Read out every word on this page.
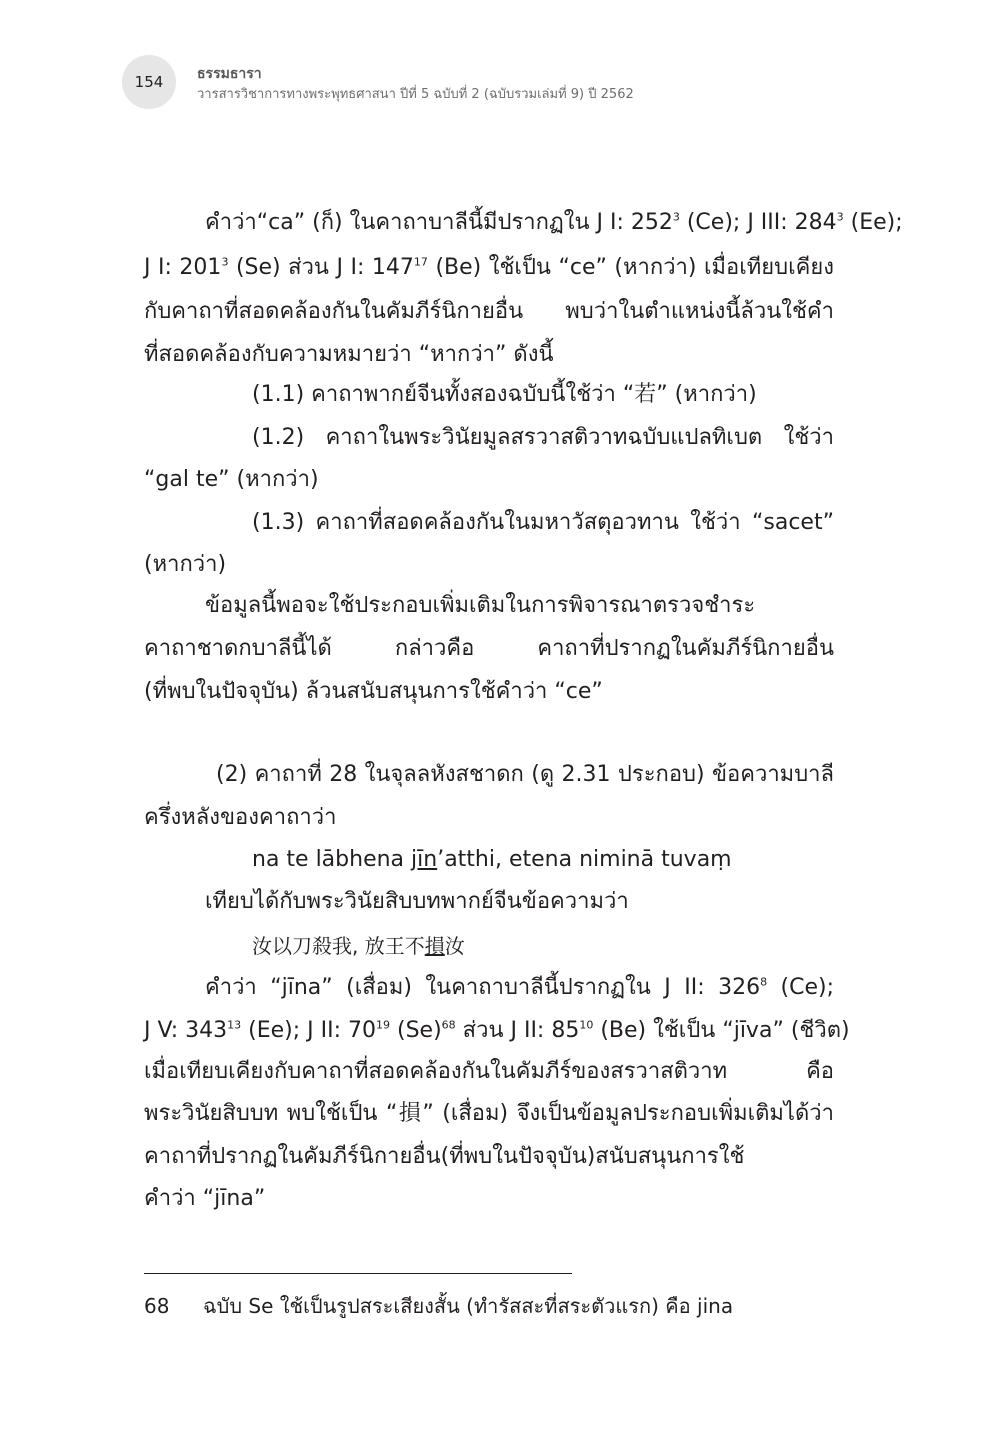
154 ธรรมธารา
วารสารวิชาการทางพระพุทธศาสนา ปีที่ 5 ฉบับที่ 2 (ฉบับรวมเล่มที่ 9) ปี 2562
คำว่า“ca” (ก็) ในคาถาบาลีนี้มีปรากฏใน J I: $252^3$ (Ce); J III: $284^3$ (Ee);
J I: $201^3$ (Se) ส่วน J I: $147^{17}$ (Be) ใช้เป็น “ce” (หากว่า) เมื่อเทียบเคียง
กับคาถาที่สอดคล้องกันในคัมภีร์นิกายอื่น พบว่าในตำแหน่งนี้ล้วนใช้คำ
ที่สอดคล้องกับความหมายว่า “หากว่า” ดังนี้
(1.1) คาถาพากย์จีนทั้งสองฉบับนี้ใช้ว่า “若” (หากว่า)
(1.2) คาถาในพระวินัยมูลสรวาสติวาทฉบับแปลทิเบต ใช้ว่า
“gal te” (หากว่า)
(1.3) คาถาที่สอดคล้องกันในมหาวัสตุอวทาน ใช้ว่า “sacet”
(หากว่า)
ข้อมูลนี้พอจะใช้ประกอบเพิ่มเติมในการพิจารณาตรวจชำระ
คาถาชาดกบาลีนี้ได้ กล่าวคือ คาถาที่ปรากฏในคัมภีร์นิกายอื่น
(ที่พบในปัจจุบัน) ล้วนสนับสนุนการใช้คำว่า “ce”
(2) คาถาที่ 28 ในจุลลหังสชาดก (ดู 2.31 ประกอบ) ข้อความบาลี
ครึ่งหลังของคาถาว่า
na te lābhena jīn’atthi, etena niminā tuvaṃ
เทียบได้กับพระวินัยสิบบทพากย์จีนข้อความว่า
汝以刀殺我, 放王不損汝
คำว่า “jīna” (เสื่อม) ในคาถาบาลีนี้ปรากฏใน J II: $326^8$ (Ce);
J V: $343^{13}$ (Ee); J II: $70^{19}$ $(Se)^{68}$ ส่วน J II: $85^{10}$ (Be) ใช้เป็น “jīva” (ชีวิต)
เมื่อเทียบเคียงกับคาถาที่สอดคล้องกันในคัมภีร์ของสรวาสติวาท คือ
พระวินัยสิบบท พบใช้เป็น “損” (เสื่อม) จึงเป็นข้อมูลประกอบเพิ่มเติมได้ว่า
คาถาที่ปรากฏในคัมภีร์นิกายอื่น(ที่พบในปัจจุบัน)สนับสนุนการใช้
คำว่า “jīna”
68 ฉบับ Se ใช้เป็นรูปสระเสียงสั้น (ทำรัสสะที่สระตัวแรก) คือ jina
